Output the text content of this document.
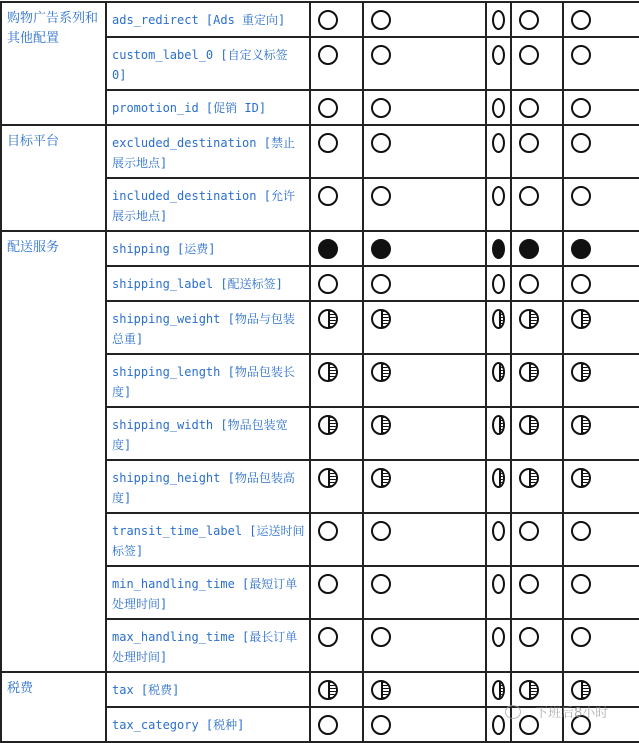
购物广告系列和其他配置	ads_redirect [Ads 重定向]						
	custom_label_0 [自定义标签 0]						
	promotion_id [促销 ID]						
目标平台	excluded_destination [禁止展示地点]						
	included_destination [允许展示地点]						
配送服务	shipping [运费]						
	shipping_label [配送标签]						
	shipping_weight [物品与包装总重]						
	shipping_length [物品包装长度]						
	shipping_width [物品包装宽度]						
	shipping_height [物品包装高度]						
	transit_time_label [运送时间标签]						
	min_handling_time [最短订单处理时间]						
	max_handling_time [最长订单处理时间]						
税费	tax [税费]						
	tax_category [税种]						
下班后8小时
